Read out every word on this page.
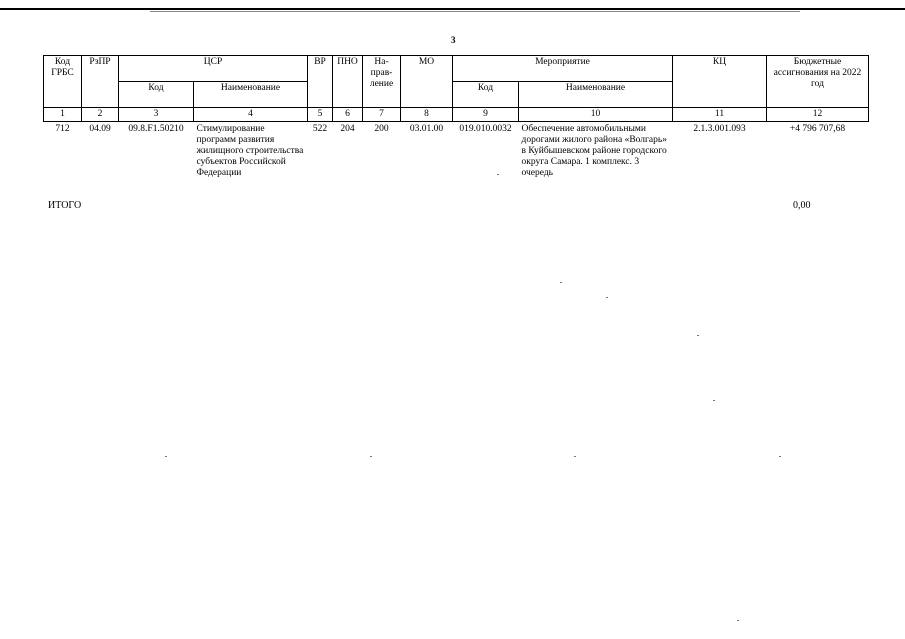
3
Код ГРБС	РзПР	ЦСР		ВР	ПНО	На-прав-ление	МО	Мероприятие		КЦ	Бюджетные ассигнования на 2022 год
		Код	Наименование					Код	Наименование		
1	2	3	4	5	6	7	8	9	10	11	12
712	04.09	09.8.F1.50210	Стимулирование программ развития жилищного строительства субъектов Российской Федерации	522	204	200	03.01.00	019.010.0032	Обеспечение автомобильными дорогами жилого района «Волгарь» в Куйбышевском районе городского округа Самара. 1 комплекс. 3 очередь	2.1.3.001.093	+4 796 707,68
ИТОГО	0,00
